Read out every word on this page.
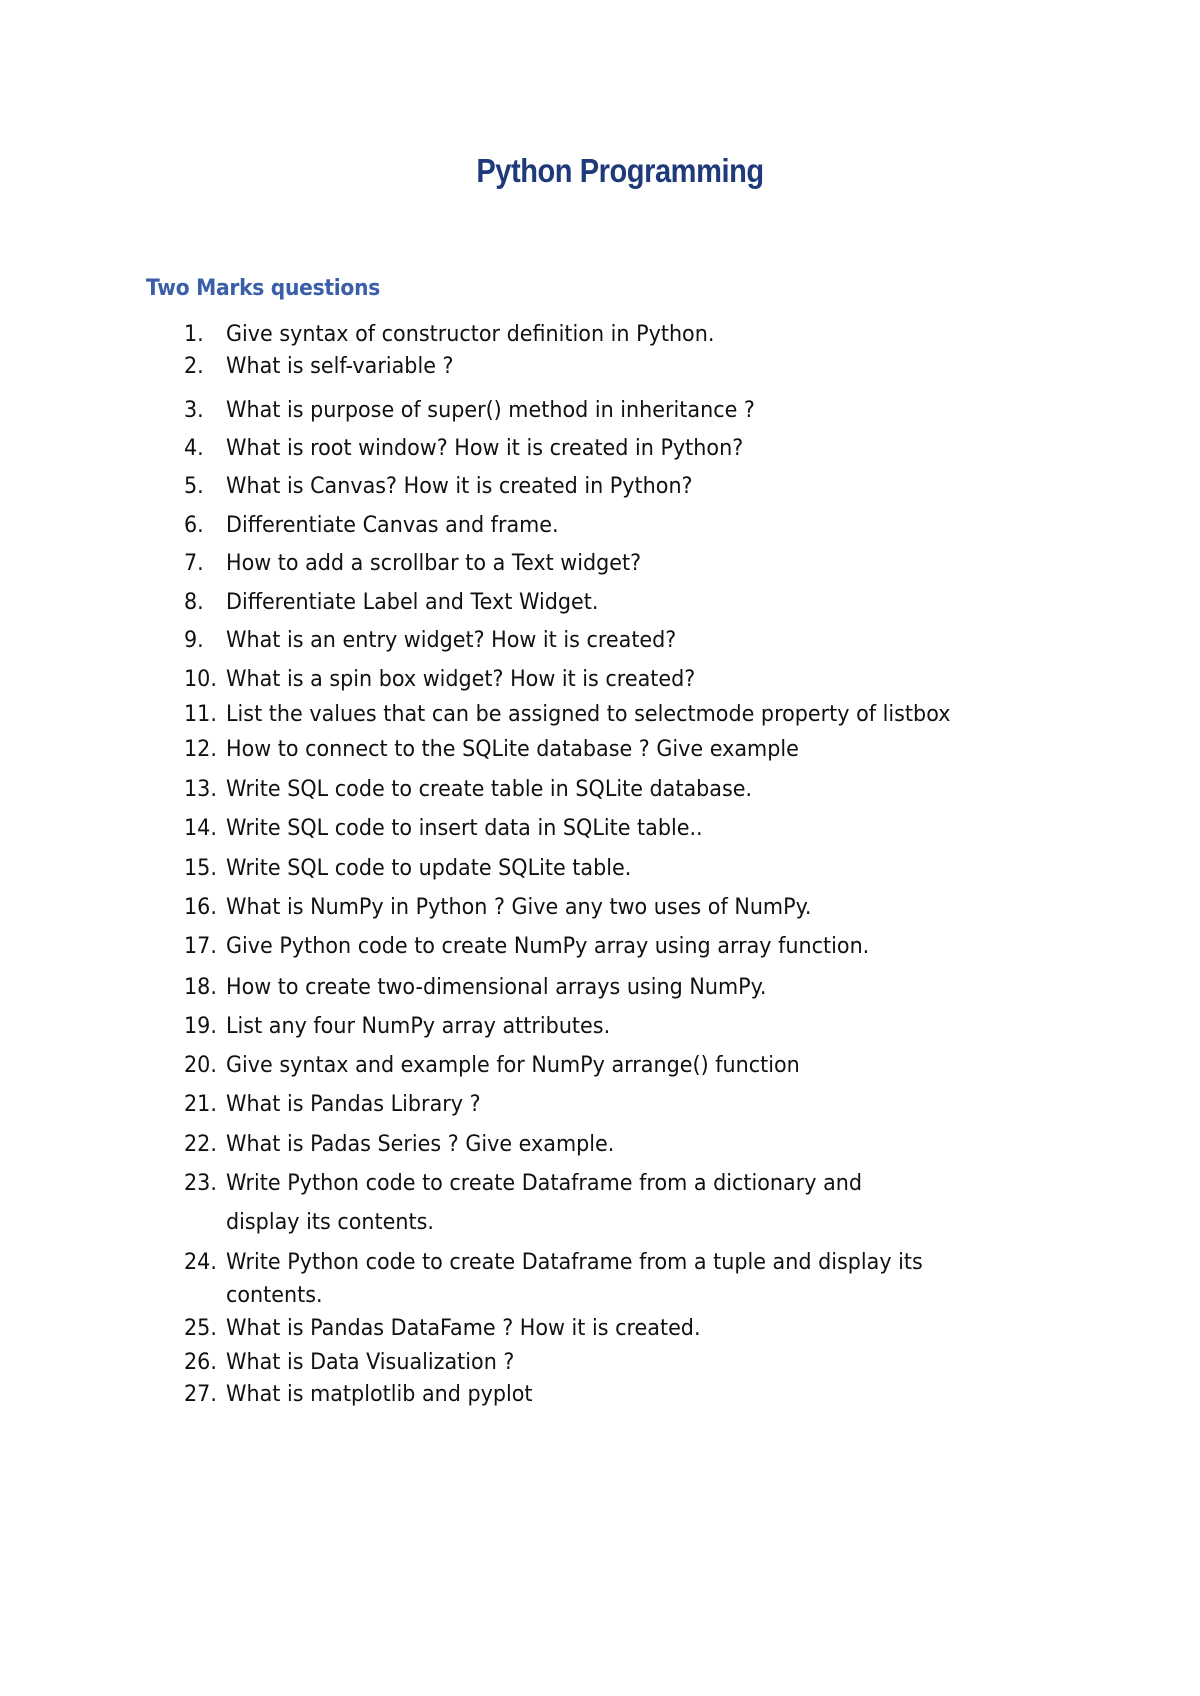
Python Programming
Two Marks questions
1. Give syntax of constructor definition in Python.
2. What is self-variable ?
3. What is purpose of super() method in inheritance ?
4. What is root window? How it is created in Python?
5. What is Canvas? How it is created in Python?
6. Differentiate Canvas and frame.
7. How to add a scrollbar to a Text widget?
8. Differentiate Label and Text Widget.
9. What is an entry widget? How it is created?
10. What is a spin box widget? How it is created?
11. List the values that can be assigned to selectmode property of listbox
12. How to connect to the SQLite database ? Give example
13. Write SQL code to create table in SQLite database.
14. Write SQL code to insert data in SQLite table..
15. Write SQL code to update SQLite table.
16. What is NumPy in Python ? Give any two uses of NumPy.
17. Give Python code to create NumPy array using array function.
18. How to create two-dimensional arrays using NumPy.
19. List any four NumPy array attributes.
20. Give syntax and example for NumPy arrange() function
21. What is Pandas Library ?
22. What is Padas Series ? Give example.
23. Write Python code to create Dataframe from a dictionary and
display its contents.
24. Write Python code to create Dataframe from a tuple and display its
contents.
25. What is Pandas DataFame ? How it is created.
26. What is Data Visualization ?
27. What is matplotlib and pyplot
